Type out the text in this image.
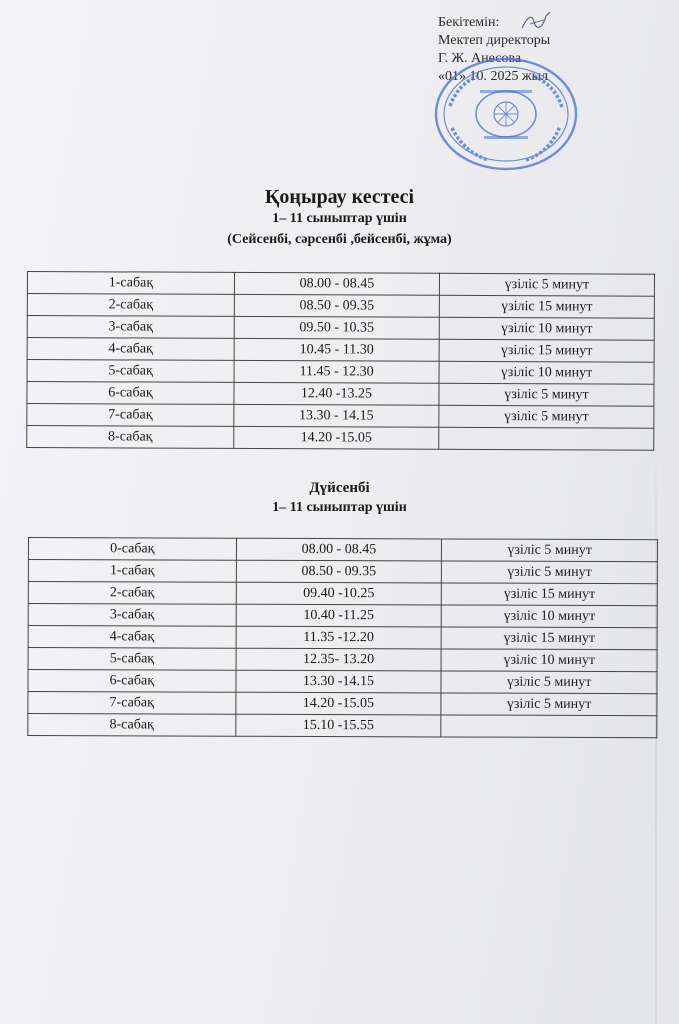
Бекітемін:
Мектеп директоры
Г. Ж. Анесова
«01» 10. 2025 жыл
Қоңырау кестесі
1– 11 сыныптар үшін
(Сейсенбі, сәрсенбі ,бейсенбі, жұма)
1-сабақ	08.00 - 08.45	үзіліс 5 минут
2-сабақ	08.50 - 09.35	үзіліс 15 минут
3-сабақ	09.50 - 10.35	үзіліс 10 минут
4-сабақ	10.45 - 11.30	үзіліс 15 минут
5-сабақ	11.45 - 12.30	үзіліс 10 минут
6-сабақ	12.40 -13.25	үзіліс 5 минут
7-сабақ	13.30 - 14.15	үзіліс 5 минут
8-сабақ	14.20 -15.05	
Дүйсенбі
1– 11 сыныптар үшін
0-сабақ	08.00 - 08.45	үзіліс 5 минут
1-сабақ	08.50 - 09.35	үзіліс 5 минут
2-сабақ	09.40 -10.25	үзіліс 15 минут
3-сабақ	10.40 -11.25	үзіліс 10 минут
4-сабақ	11.35 -12.20	үзіліс 15 минут
5-сабақ	12.35- 13.20	үзіліс 10 минут
6-сабақ	13.30 -14.15	үзіліс 5 минут
7-сабақ	14.20 -15.05	үзіліс 5 минут
8-сабақ	15.10 -15.55	
